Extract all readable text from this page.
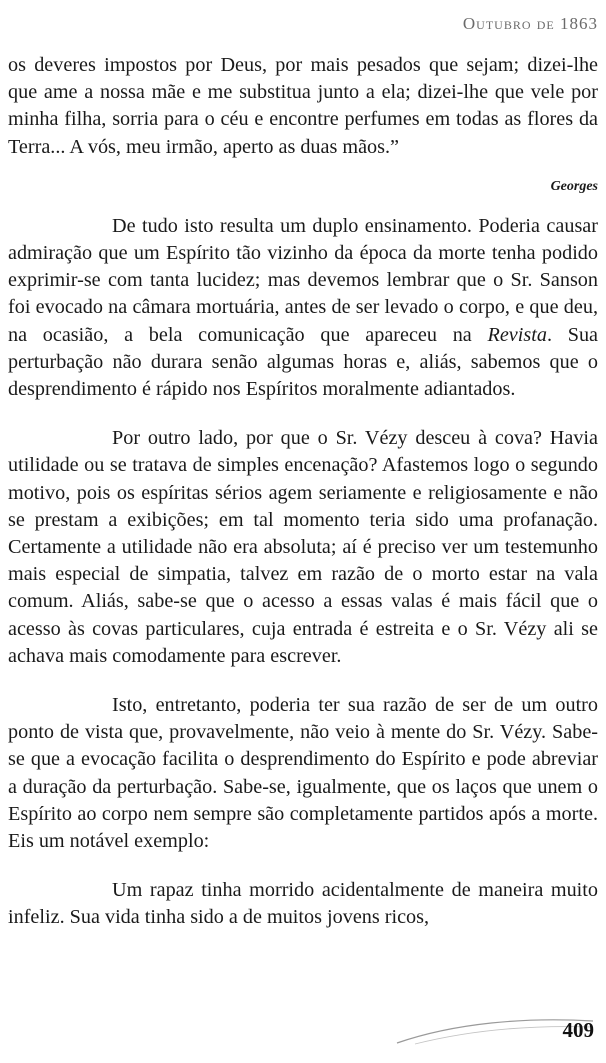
Outubro de 1863

os deveres impostos por Deus, por mais pesados que sejam; dizei-lhe que ame a nossa mãe e me substitua junto a ela; dizei-lhe que vele por minha filha, sorria para o céu e encontre perfumes em todas as flores da Terra... A vós, meu irmão, aperto as duas mãos.”

Georges

De tudo isto resulta um duplo ensinamento. Poderia causar admiração que um Espírito tão vizinho da época da morte tenha podido exprimir-se com tanta lucidez; mas devemos lembrar que o Sr. Sanson foi evocado na câmara mortuária, antes de ser levado o corpo, e que deu, na ocasião, a bela comunicação que apareceu na Revista. Sua perturbação não durara senão algumas horas e, aliás, sabemos que o desprendimento é rápido nos Espíritos moralmente adiantados.

Por outro lado, por que o Sr. Vézy desceu à cova? Havia utilidade ou se tratava de simples encenação? Afastemos logo o segundo motivo, pois os espíritas sérios agem seriamente e religiosamente e não se prestam a exibições; em tal momento teria sido uma profanação. Certamente a utilidade não era absoluta; aí é preciso ver um testemunho mais especial de simpatia, talvez em razão de o morto estar na vala comum. Aliás, sabe-se que o acesso a essas valas é mais fácil que o acesso às covas particulares, cuja entrada é estreita e o Sr. Vézy ali se achava mais comodamente para escrever.

Isto, entretanto, poderia ter sua razão de ser de um outro ponto de vista que, provavelmente, não veio à mente do Sr. Vézy. Sabe-se que a evocação facilita o desprendimento do Espírito e pode abreviar a duração da perturbação. Sabe-se, igualmente, que os laços que unem o Espírito ao corpo nem sempre são completamente partidos após a morte. Eis um notável exemplo:

Um rapaz tinha morrido acidentalmente de maneira muito infeliz. Sua vida tinha sido a de muitos jovens ricos,

409
